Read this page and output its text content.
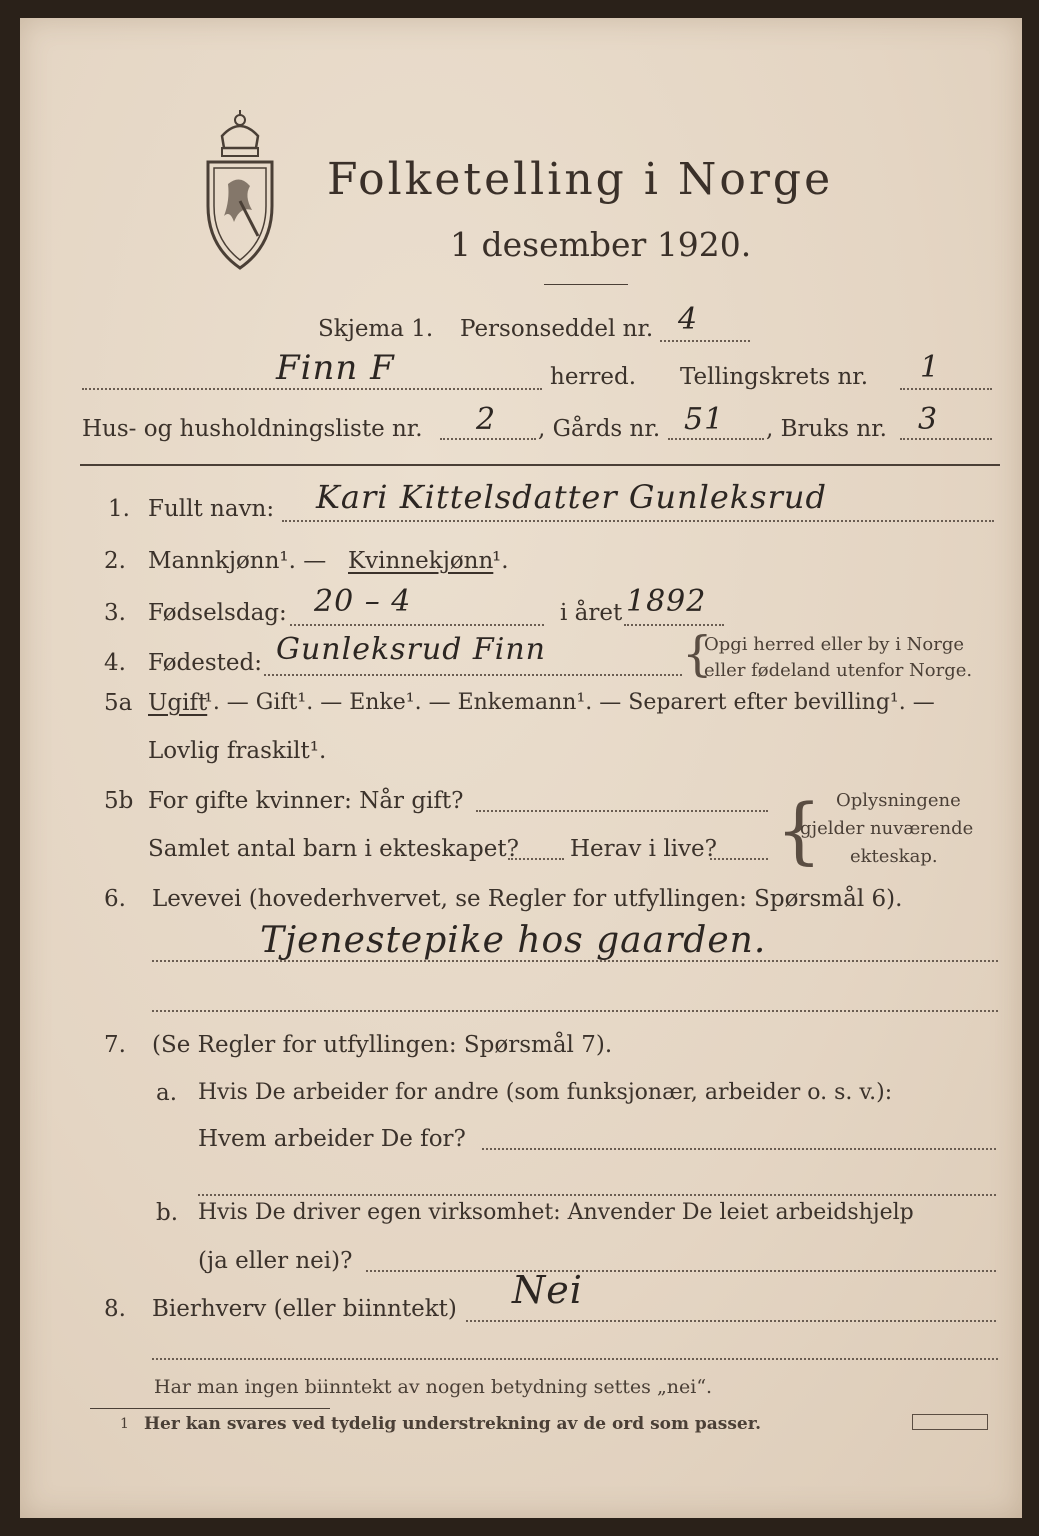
Folketelling i Norge
1 desember 1920.
Skjema 1. Personseddel nr. 4
Finn F	herred. Tellingskrets nr. 1
Hus- og husholdningsliste nr. 2 , Gårds nr. 51 , Bruks nr. 3
1. Fullt navn: Kari Kittelsdatter Gunleksrud
2. Mannkjønn¹. — Kvinnekjønn
¹.
3. Fødselsdag: 20 – 4	i året 1892
4. Fødested: Gunleksrud Finn	{
Opgi herred eller by i Norge
eller fødeland utenfor Norge.
5a Ugift
¹. — Gift¹. — Enke¹. — Enkemann¹. — Separert efter bevilling¹. —
Lovlig fraskilt¹.
5b For gifte kvinner: Når gift?
Samlet antal barn i ekteskapet? Herav i live? { Oplysningene
gjelder nuværende
ekteskap.
6. Levevei (hovederhvervet, se Regler for utfyllingen: Spørsmål 6).
Tjenestepike hos gaarden.
7. (Se Regler for utfyllingen: Spørsmål 7).
a. Hvis De arbeider for andre (som funksjonær, arbeider o. s. v.):
Hvem arbeider De for?
b. Hvis De driver egen virksomhet: Anvender De leiet arbeidshjelp
(ja eller nei)?
8. Bierhverv (eller biinntekt) Nei
Har man ingen biinntekt av nogen betydning settes „nei“.
1 Her kan svares ved tydelig understrekning av de ord som passer.
